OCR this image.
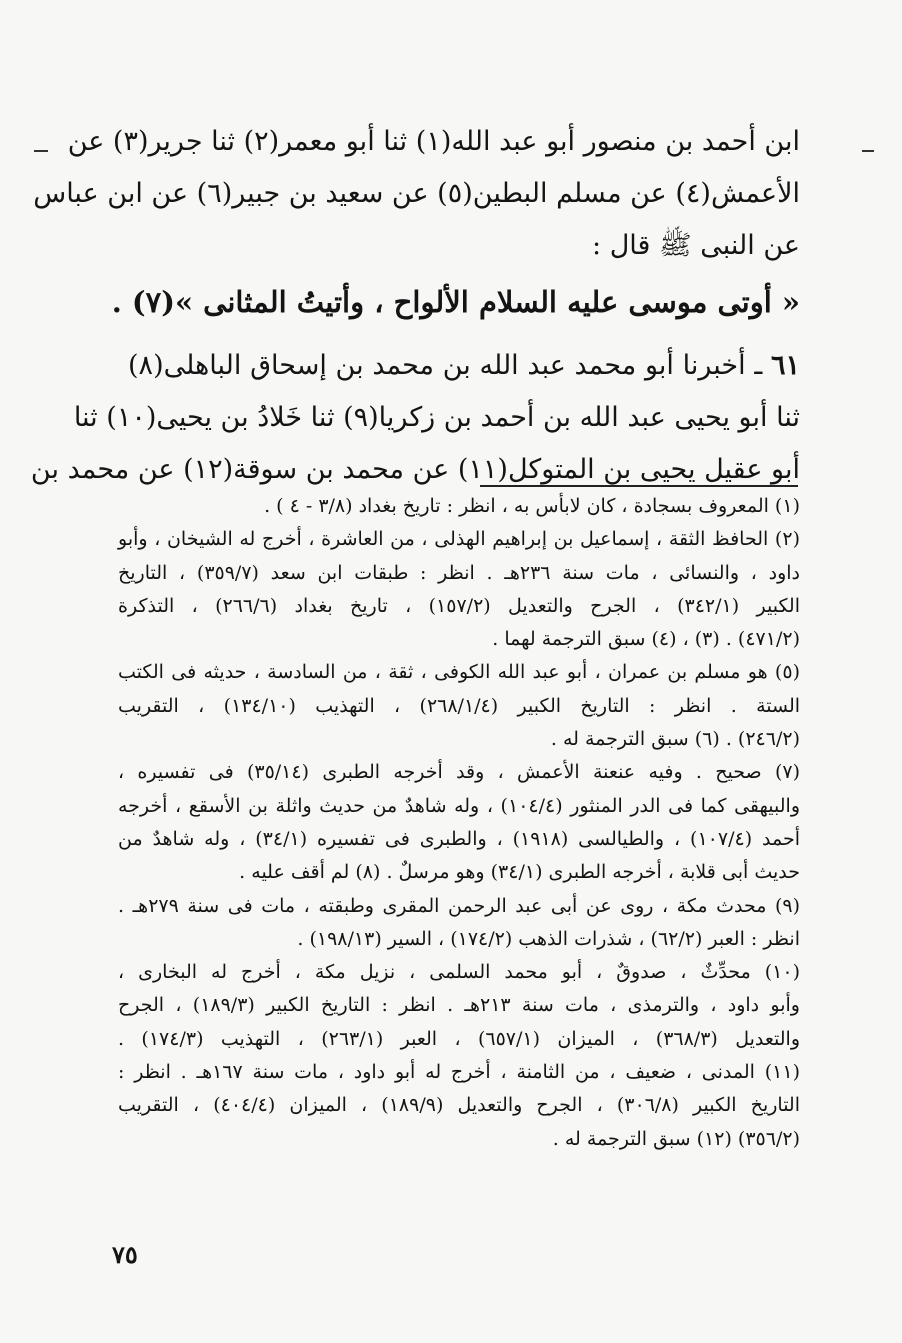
ابن أحمد بن منصور أبو عبد الله(١) ثنا أبو معمر(٢) ثنا جرير(٣) عن
الأعمش(٤) عن مسلم البطين(٥) عن سعيد بن جبير(٦) عن ابن عباس
عن النبى ﷺ قال :
« أوتى موسى عليه السلام الألواح ، وأتيتُ المثانى »(٧) .
٦١ ـ أخبرنا أبو محمد عبد الله بن محمد بن إسحاق الباهلى(٨)
ثنا أبو يحيى عبد الله بن أحمد بن زكريا(٩) ثنا خَلادُ بن يحيى(١٠) ثنا
أبو عقيل يحيى بن المتوكل(١١) عن محمد بن سوقة(١٢) عن محمد بن
(١) المعروف بسجادة ، كان لابأس به ، انظر : تاريخ بغداد (٣/٨ - ٤ ) .
(٢) الحافظ الثقة ، إسماعيل بن إبراهيم الهذلى ، من العاشرة ، أخرج له الشيخان ، وأبو
داود ، والنسائى ، مات سنة ٢٣٦هـ . انظر : طبقات ابن سعد (٣٥٩/٧) ، التاريخ
الكبير (٣٤٢/١) ، الجرح والتعديل (١٥٧/٢) ، تاريخ بغداد (٢٦٦/٦) ، التذكرة
(٤٧١/٢) . (٣) ، (٤) سبق الترجمة لهما .
(٥) هو مسلم بن عمران ، أبو عبد الله الكوفى ، ثقة ، من السادسة ، حديثه فى الكتب
الستة . انظر : التاريخ الكبير (٢٦٨/١/٤) ، التهذيب (١٣٤/١٠) ، التقريب
(٢٤٦/٢) . (٦) سبق الترجمة له .
(٧) صحيح . وفيه عنعنة الأعمش ، وقد أخرجه الطبرى (٣٥/١٤) فى تفسيره ،
والبيهقى كما فى الدر المنثور (١٠٤/٤) ، وله شاهدٌ من حديث واثلة بن الأسقع ، أخرجه
أحمد (١٠٧/٤) ، والطيالسى (١٩١٨) ، والطبرى فى تفسيره (٣٤/١) ، وله شاهدٌ من
حديث أبى قلابة ، أخرجه الطبرى (٣٤/١) وهو مرسلٌ . (٨) لم أقف عليه .
(٩) محدث مكة ، روى عن أبى عبد الرحمن المقرى وطبقته ، مات فى سنة ٢٧٩هـ .
انظر : العبر (٦٢/٢) ، شذرات الذهب (١٧٤/٢) ، السير (١٩٨/١٣) .
(١٠) محدِّثٌ ، صدوقٌ ، أبو محمد السلمى ، نزيل مكة ، أخرج له البخارى ،
وأبو داود ، والترمذى ، مات سنة ٢١٣هـ . انظر : التاريخ الكبير (١٨٩/٣) ، الجرح
والتعديل (٣٦٨/٣) ، الميزان (٦٥٧/١) ، العبر (٢٦٣/١) ، التهذيب (١٧٤/٣) .
(١١) المدنى ، ضعيف ، من الثامنة ، أخرج له أبو داود ، مات سنة ١٦٧هـ . انظر :
التاريخ الكبير (٣٠٦/٨) ، الجرح والتعديل (١٨٩/٩) ، الميزان (٤٠٤/٤) ، التقريب
(٣٥٦/٢) (١٢) سبق الترجمة له .
٧٥
